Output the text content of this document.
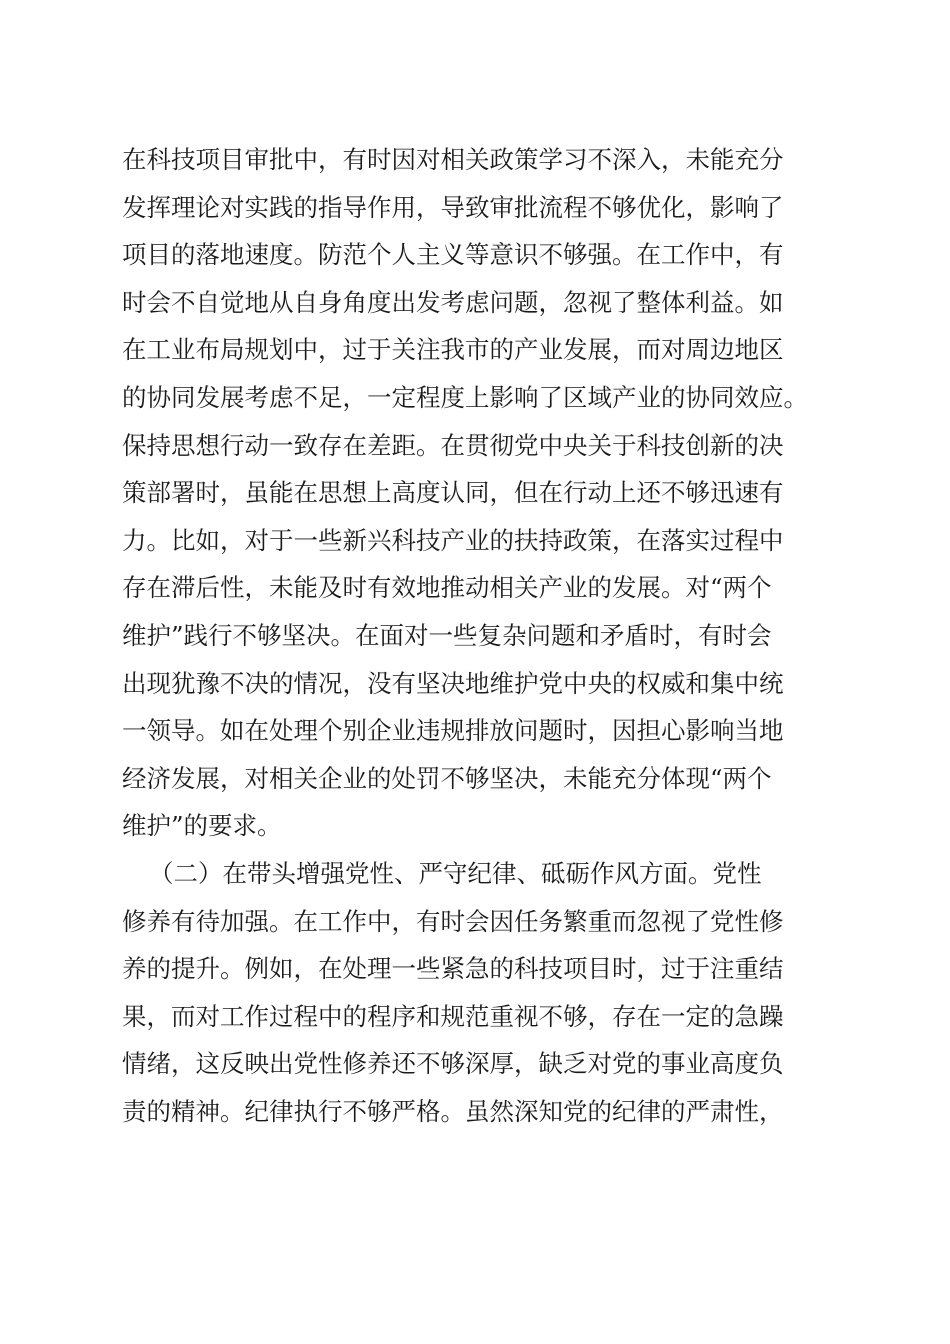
在科技项目审批中，有时因对相关政策学习不深入，未能充分
发挥理论对实践的指导作用，导致审批流程不够优化，影响了
项目的落地速度。防范个人主义等意识不够强。在工作中，有
时会不自觉地从自身角度出发考虑问题，忽视了整体利益。如
在工业布局规划中，过于关注我市的产业发展，而对周边地区
的协同发展考虑不足，一定程度上影响了区域产业的协同效应。
保持思想行动一致存在差距。在贯彻党中央关于科技创新的决
策部署时，虽能在思想上高度认同，但在行动上还不够迅速有
力。比如，对于一些新兴科技产业的扶持政策，在落实过程中
存在滞后性，未能及时有效地推动相关产业的发展。对“两个
维护”践行不够坚决。在面对一些复杂问题和矛盾时，有时会
出现犹豫不决的情况，没有坚决地维护党中央的权威和集中统
一领导。如在处理个别企业违规排放问题时，因担心影响当地
经济发展，对相关企业的处罚不够坚决，未能充分体现“两个
维护”的要求。
（二）在带头增强党性、严守纪律、砥砺作风方面。党性
修养有待加强。在工作中，有时会因任务繁重而忽视了党性修
养的提升。例如，在处理一些紧急的科技项目时，过于注重结
果，而对工作过程中的程序和规范重视不够，存在一定的急躁
情绪，这反映出党性修养还不够深厚，缺乏对党的事业高度负
责的精神。纪律执行不够严格。虽然深知党的纪律的严肃性，
